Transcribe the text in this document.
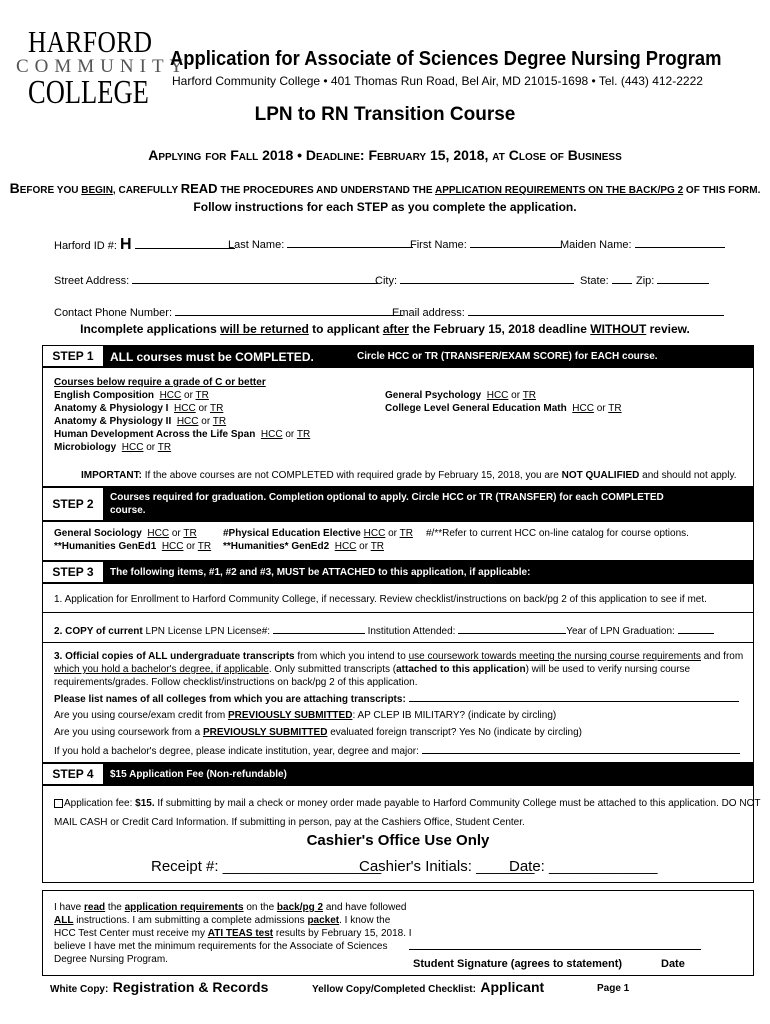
HARFORD
COMMUNITY
COLLEGE
Application for Associate of Sciences Degree Nursing Program
Harford Community College • 401 Thomas Run Road, Bel Air, MD 21015-1698 • Tel. (443) 412-2222
LPN to RN Transition Course
Applying for Fall 2018 • Deadline: February 15, 2018, at Close of Business
BEFORE YOU BEGIN, CAREFULLY READ THE PROCEDURES AND UNDERSTAND THE APPLICATION REQUIREMENTS ON THE BACK/PG 2 OF THIS FORM.
Follow instructions for each STEP as you complete the application.
Harford ID #: H	Last Name:	First Name:	Maiden Name:
Street Address:	City:	State:	Zip:
Contact Phone Number:	Email address:
Incomplete applications will be returned to applicant after the February 15, 2018 deadline WITHOUT review.
STEP 1	ALL courses must be COMPLETED.	Circle HCC or TR (TRANSFER/EXAM SCORE) for EACH course.
Courses below require a grade of C or better
English Composition HCC or TR
Anatomy & Physiology I HCC or TR
Anatomy & Physiology II HCC or TR
Human Development Across the Life Span HCC or TR
Microbiology HCC or TR
General Psychology HCC or TR
College Level General Education Math HCC or TR
IMPORTANT: If the above courses are not COMPLETED with required grade by February 15, 2018, you are NOT QUALIFIED and should not apply.
STEP 2	Courses required for graduation. Completion optional to apply. Circle HCC or TR (TRANSFER) for each COMPLETED
course.
General Sociology HCC or TR
**Humanities GenEd1 HCC or TR
#Physical Education Elective HCC or TR
**Humanities* GenEd2 HCC or TR
#/**Refer to current HCC on-line catalog for course options.
STEP 3	The following items, #1, #2 and #3, MUST be ATTACHED to this application, if applicable:
1. Application for Enrollment to Harford Community College, if necessary. Review checklist/instructions on back/pg 2 of this application to see if met.
2. COPY of current LPN License LPN License#:	Institution Attended:	Year of LPN Graduation:
3. Official copies of ALL undergraduate transcripts from which you intend to use coursework towards meeting the nursing course requirements and from
which you hold a bachelor's degree, if applicable. Only submitted transcripts (attached to this application) will be used to verify nursing course
requirements/grades. Follow checklist/instructions on back/pg 2 of this application.
Please list names of all colleges from which you are attaching transcripts:
Are you using course/exam credit from PREVIOUSLY SUBMITTED: AP CLEP IB MILITARY? (indicate by circling)
Are you using coursework from a PREVIOUSLY SUBMITTED evaluated foreign transcript? Yes No (indicate by circling)
If you hold a bachelor's degree, please indicate institution, year, degree and major:
STEP 4	$15 Application Fee (Non-refundable)
Application fee: $15. If submitting by mail a check or money order made payable to Harford Community College must be attached to this application. DO NOT
MAIL CASH or Credit Card Information. If submitting in person, pay at the Cashiers Office, Student Center.
Cashier's Office Use Only
Receipt #: ___________________
Cashier's Initials: _______
Date: _____________
I have read the application requirements on the back/pg 2 and have followed
ALL instructions. I am submitting a complete admissions packet. I know the
HCC Test Center must receive my ATI TEAS test results by February 15, 2018. I
believe I have met the minimum requirements for the Associate of Sciences
Degree Nursing Program.	Student Signature (agrees to statement)	Date
White Copy: Registration & Records	Yellow Copy/Completed Checklist: Applicant	Page 1
